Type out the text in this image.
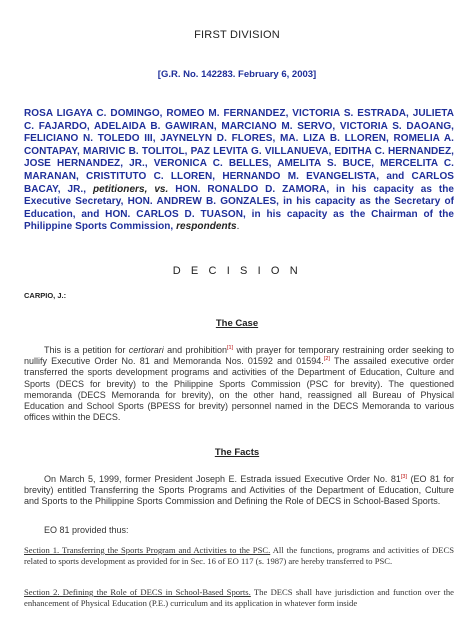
FIRST DIVISION
[G.R. No. 142283. February 6, 2003]
ROSA LIGAYA C. DOMINGO, ROMEO M. FERNANDEZ, VICTORIA S. ESTRADA, JULIETA C. FAJARDO, ADELAIDA B. GAWIRAN, MARCIANO M. SERVO, VICTORIA S. DAOANG, FELICIANO N. TOLEDO III, JAYNELYN D. FLORES, MA. LIZA B. LLOREN, ROMELIA A. CONTAPAY, MARIVIC B. TOLITOL, PAZ LEVITA G. VILLANUEVA, EDITHA C. HERNANDEZ, JOSE HERNANDEZ, JR., VERONICA C. BELLES, AMELITA S. BUCE, MERCELITA C. MARANAN, CRISTITUTO C. LLOREN, HERNANDO M. EVANGELISTA, and CARLOS BACAY, JR., petitioners, vs. HON. RONALDO D. ZAMORA, in his capacity as the Executive Secretary, HON. ANDREW B. GONZALES, in his capacity as the Secretary of Education, and HON. CARLOS D. TUASON, in his capacity as the Chairman of the Philippine Sports Commission, respondents.
D E C I S I O N
CARPIO, J.:
The Case
This is a petition for certiorari and prohibition[1] with prayer for temporary restraining order seeking to nullify Executive Order No. 81 and Memoranda Nos. 01592 and 01594.[2] The assailed executive order transferred the sports development programs and activities of the Department of Education, Culture and Sports (DECS for brevity) to the Philippine Sports Commission (PSC for brevity). The questioned memoranda (DECS Memoranda for brevity), on the other hand, reassigned all Bureau of Physical Education and School Sports (BPESS for brevity) personnel named in the DECS Memoranda to various offices within the DECS.
The Facts
On March 5, 1999, former President Joseph E. Estrada issued Executive Order No. 81[3] (EO 81 for brevity) entitled Transferring the Sports Programs and Activities of the Department of Education, Culture and Sports to the Philippine Sports Commission and Defining the Role of DECS in School-Based Sports.
EO 81 provided thus:
Section 1. Transferring the Sports Program and Activities to the PSC. All the functions, programs and activities of DECS related to sports development as provided for in Sec. 16 of EO 117 (s. 1987) are hereby transferred to PSC.
Section 2. Defining the Role of DECS in School-Based Sports. The DECS shall have jurisdiction and function over the enhancement of Physical Education (P.E.) curriculum and its application in whatever form inside
